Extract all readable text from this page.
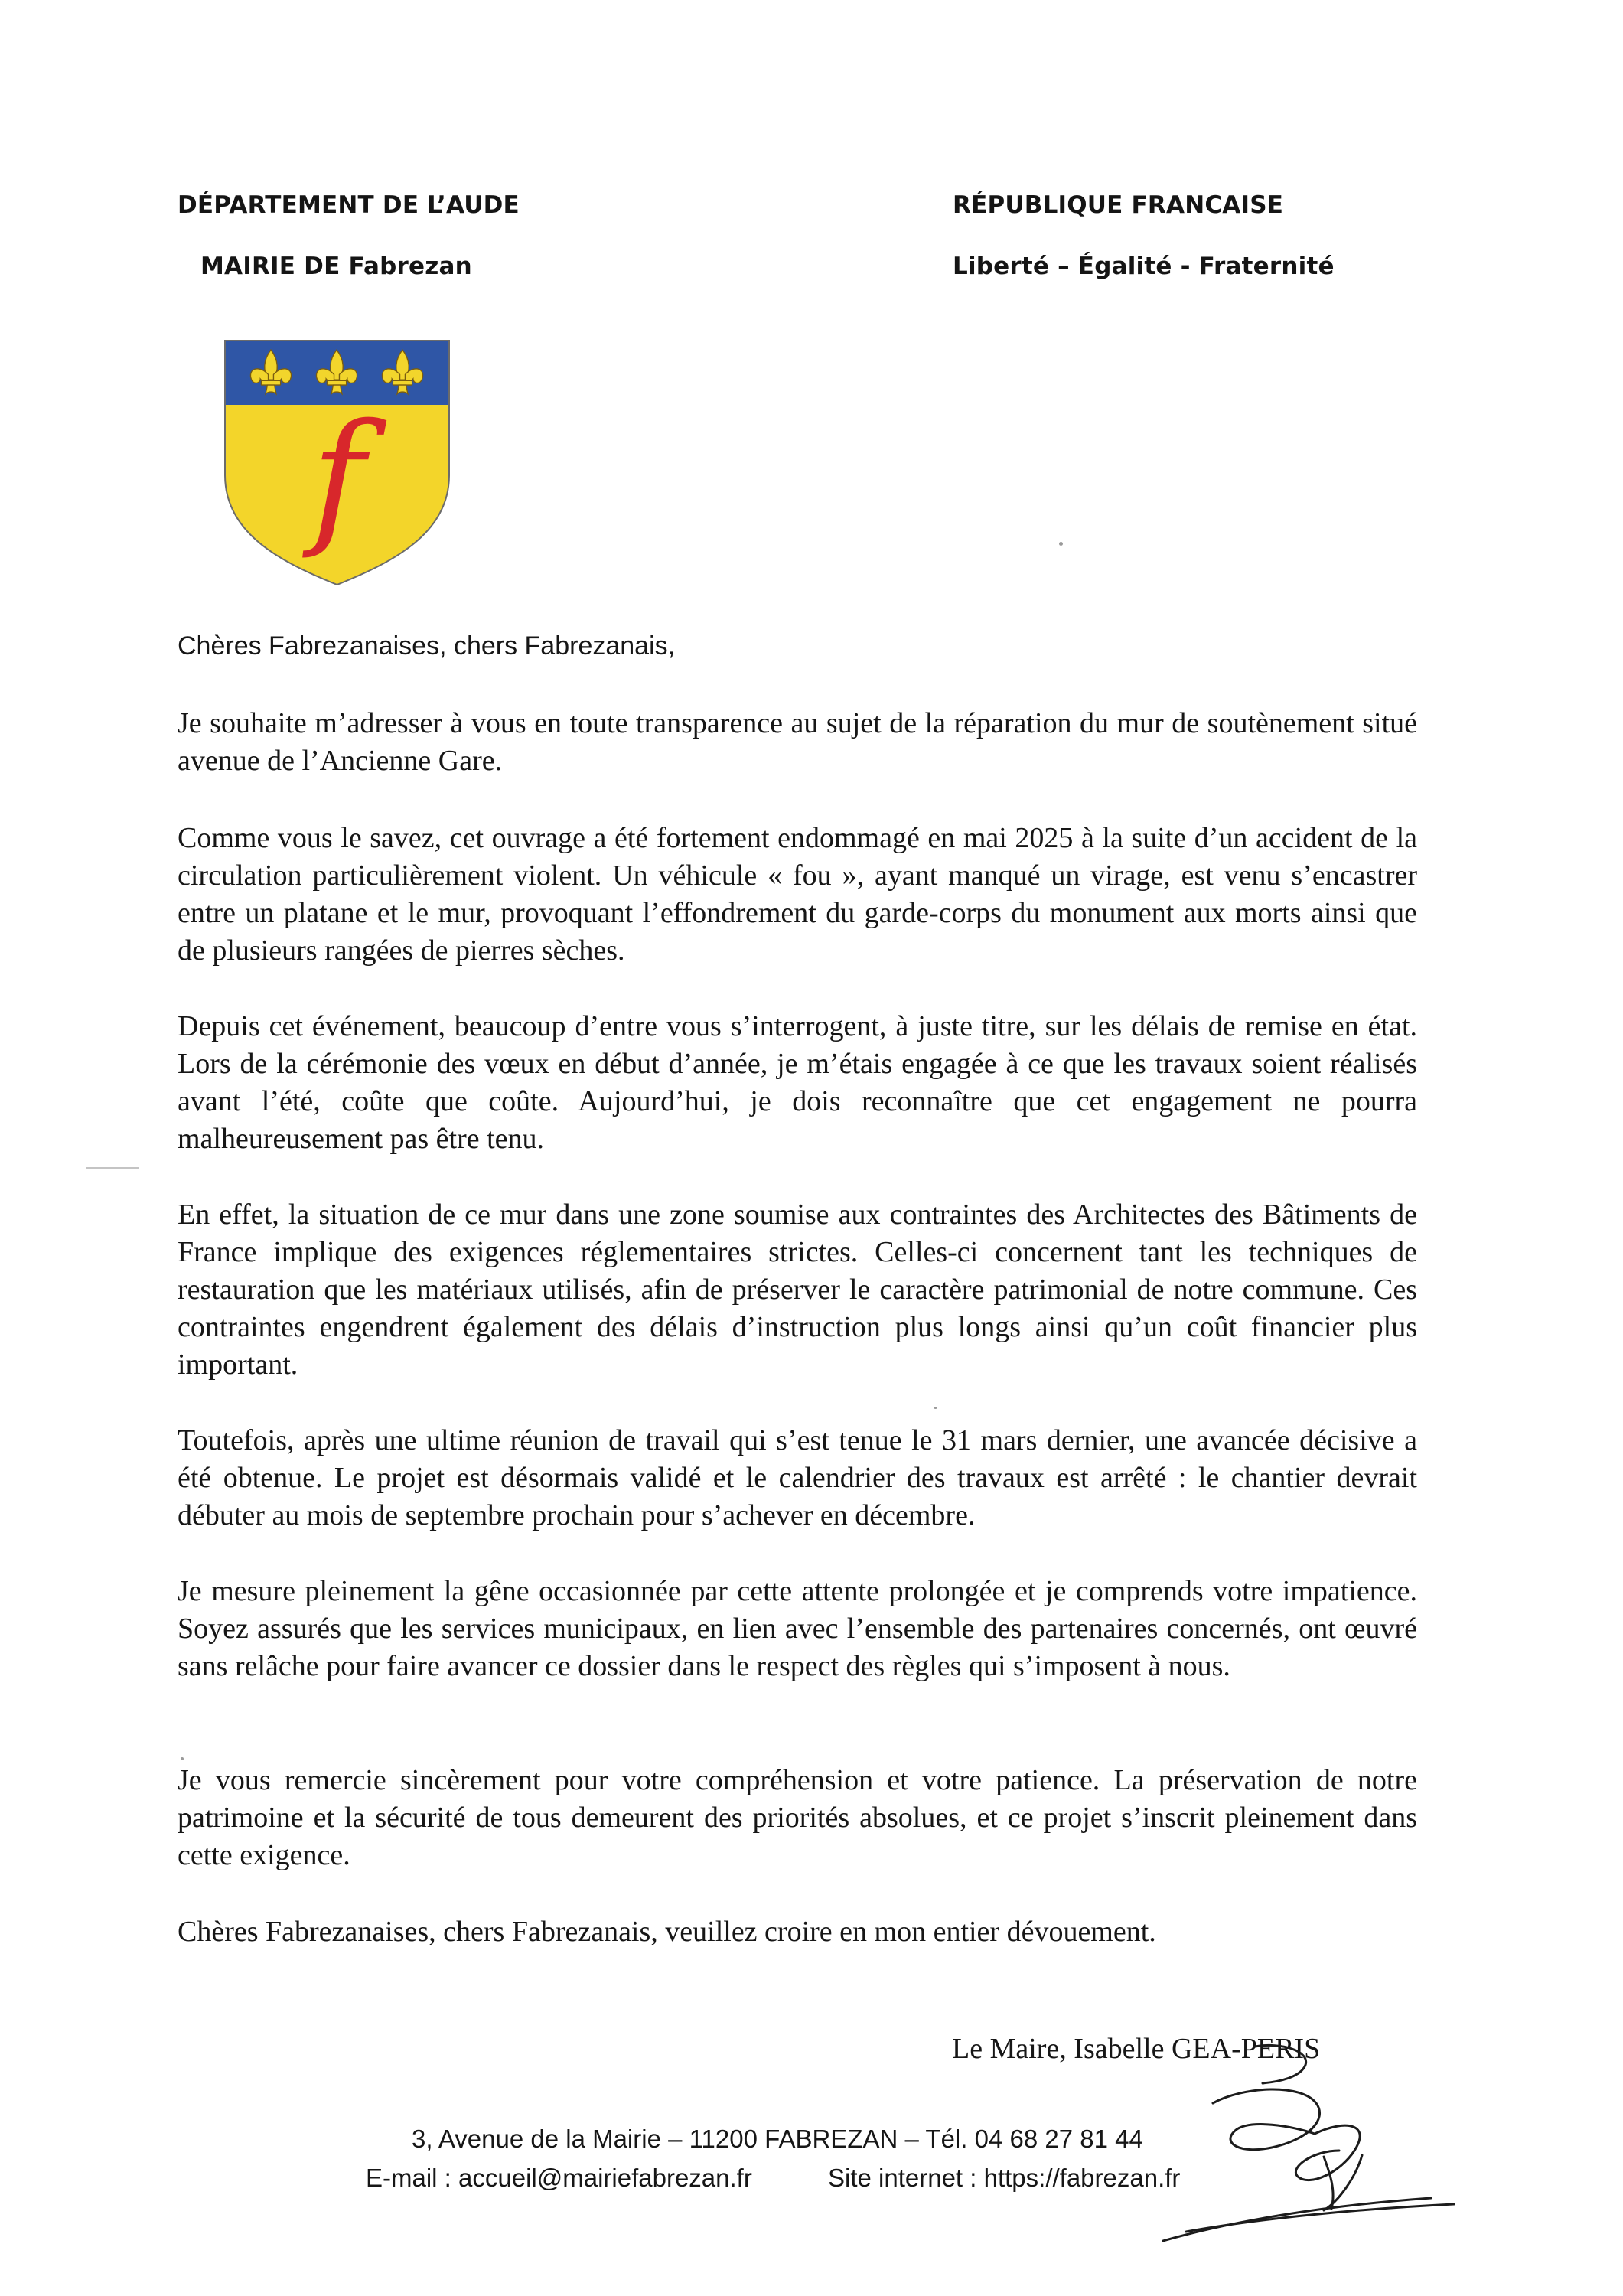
DÉPARTEMENT DE L’AUDE
MAIRIE DE Fabrezan
RÉPUBLIQUE FRANCAISE
Liberté – Égalité - Fraternité
f
Chères Fabrezanaises, chers Fabrezanais,
Je souhaite m’adresser à vous en toute transparence au sujet de la réparation du mur de soutènement situé avenue de l’Ancienne Gare.
Comme vous le savez, cet ouvrage a été fortement endommagé en mai 2025 à la suite d’un accident de la circulation particulièrement violent. Un véhicule « fou », ayant manqué un virage, est venu s’encastrer entre un platane et le mur, provoquant l’effondrement du garde-corps du monument aux morts ainsi que de plusieurs rangées de pierres sèches.
Depuis cet événement, beaucoup d’entre vous s’interrogent, à juste titre, sur les délais de remise en état. Lors de la cérémonie des vœux en début d’année, je m’étais engagée à ce que les travaux soient réalisés avant l’été, coûte que coûte. Aujourd’hui, je dois reconnaître que cet engagement ne pourra malheureusement pas être tenu.
En effet, la situation de ce mur dans une zone soumise aux contraintes des Architectes des Bâtiments de France implique des exigences réglementaires strictes. Celles-ci concernent tant les techniques de restauration que les matériaux utilisés, afin de préserver le caractère patrimonial de notre commune. Ces contraintes engendrent également des délais d’instruction plus longs ainsi qu’un coût financier plus important.
Toutefois, après une ultime réunion de travail qui s’est tenue le 31 mars dernier, une avancée décisive a été obtenue. Le projet est désormais validé et le calendrier des travaux est arrêté : le chantier devrait débuter au mois de septembre prochain pour s’achever en décembre.
Je mesure pleinement la gêne occasionnée par cette attente prolongée et je comprends votre impatience. Soyez assurés que les services municipaux, en lien avec l’ensemble des partenaires concernés, ont œuvré sans relâche pour faire avancer ce dossier dans le respect des règles qui s’imposent à nous.
Je vous remercie sincèrement pour votre compréhension et votre patience. La préservation de notre patrimoine et la sécurité de tous demeurent des priorités absolues, et ce projet s’inscrit pleinement dans cette exigence.
Chères Fabrezanaises, chers Fabrezanais, veuillez croire en mon entier dévouement.
Le Maire, Isabelle GEA-PERIS
3, Avenue de la Mairie – 11200 FABREZAN – Tél. 04 68 27 81 44
E-mail : accueil@mairiefabrezan.fr	Site internet : https://fabrezan.fr
